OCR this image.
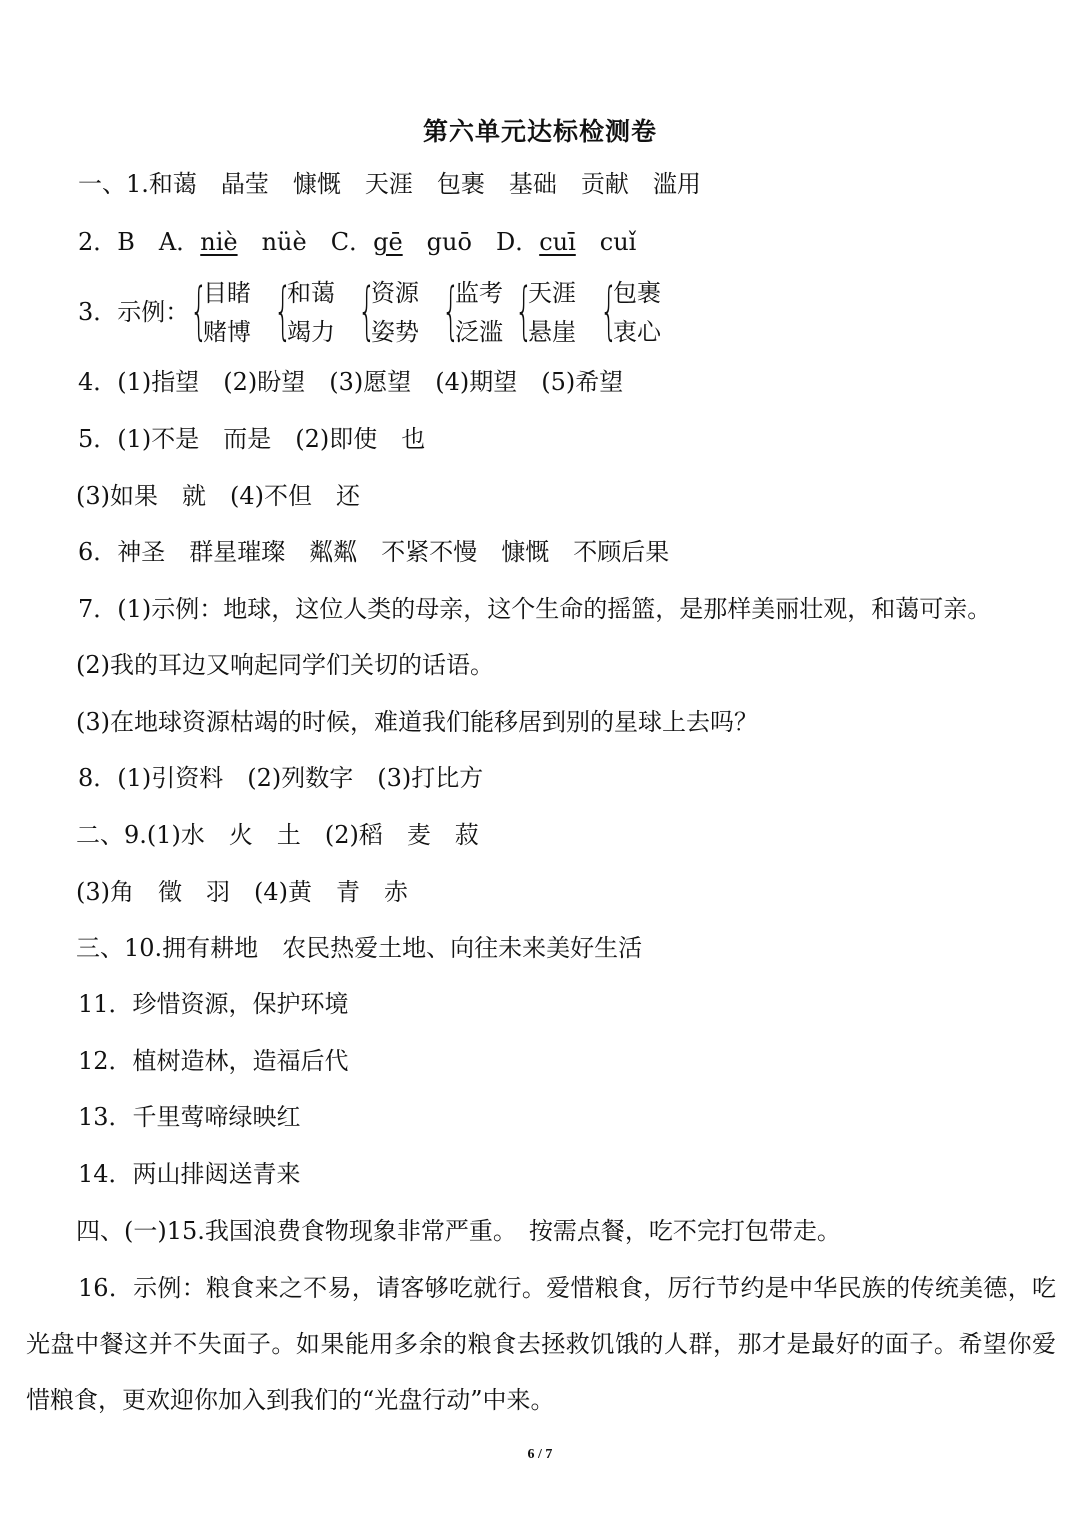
第六单元达标检测卷
一、1.和蔼　晶莹　慷慨　天涯　包裹　基础　贡献　滥用
2．B　A．niè　 nüè　 C．gē　 guō　 D．cuī　 cuǐ
3．示例： {
目睹
赌博 {
和蔼
竭力 {
资源
姿势 {
监考
泛滥 {
天涯
悬崖 {
包裹
衷心
4．(1)指望　(2)盼望　(3)愿望　(4)期望　(5)希望
5．(1)不是　而是　(2)即使　也
(3)如果　就　(4)不但　还
6．神圣　群星璀璨　粼粼　不紧不慢　慷慨　不顾后果
7．(1)示例：地球，这位人类的母亲，这个生命的摇篮，是那样美丽壮观，和蔼可亲。
(2)我的耳边又响起同学们关切的话语。
(3)在地球资源枯竭的时候，难道我们能移居到别的星球上去吗？
8．(1)引资料　(2)列数字　(3)打比方
二、9.(1)水　火　土　(2)稻　麦　菽
(3)角　徵　羽　(4)黄　青　赤
三、10.拥有耕地　农民热爱土地、向往未来美好生活
11．珍惜资源，保护环境
12．植树造林，造福后代
13．千里莺啼绿映红
14．两山排闼送青来
四、(一)15.我国浪费食物现象非常严重。　按需点餐，吃不完打包带走。
16．示例：粮食来之不易，请客够吃就行。爱惜粮食，厉行节约是中华民族的传统美德，吃光盘中餐这并不失面子。如果能用多余的粮食去拯救饥饿的人群，那才是最好的面子。希望你爱惜粮食，更欢迎你加入到我们的“光盘行动”中来。
6 / 7
